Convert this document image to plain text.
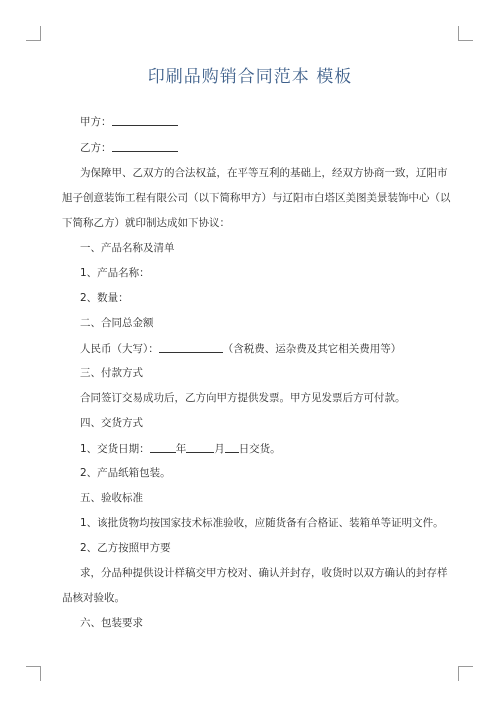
印刷品购销合同范本 模板
甲方：
乙方：
为保障甲、乙双方的合法权益，在平等互利的基础上，经双方协商一致，辽阳市
旭子创意装饰工程有限公司（以下简称甲方）与辽阳市白塔区美图美景装饰中心（以
下简称乙方）就印制达成如下协议：
一、产品名称及清单
1、产品名称：
2、数量：
二、合同总金额
人民币（大写）：	（含税费、运杂费及其它相关费用等）
三、付款方式
合同签订交易成功后，乙方向甲方提供发票。甲方见发票后方可付款。
四、交货方式
1、交货日期： 年	月 日交货。
2、产品纸箱包装。
五、验收标准
1、该批货物均按国家技术标准验收，应随货备有合格证、装箱单等证明文件。
2、乙方按照甲方要
求，分品种提供设计样稿交甲方校对、确认并封存，收货时以双方确认的封存样
品核对验收。
六、包装要求
